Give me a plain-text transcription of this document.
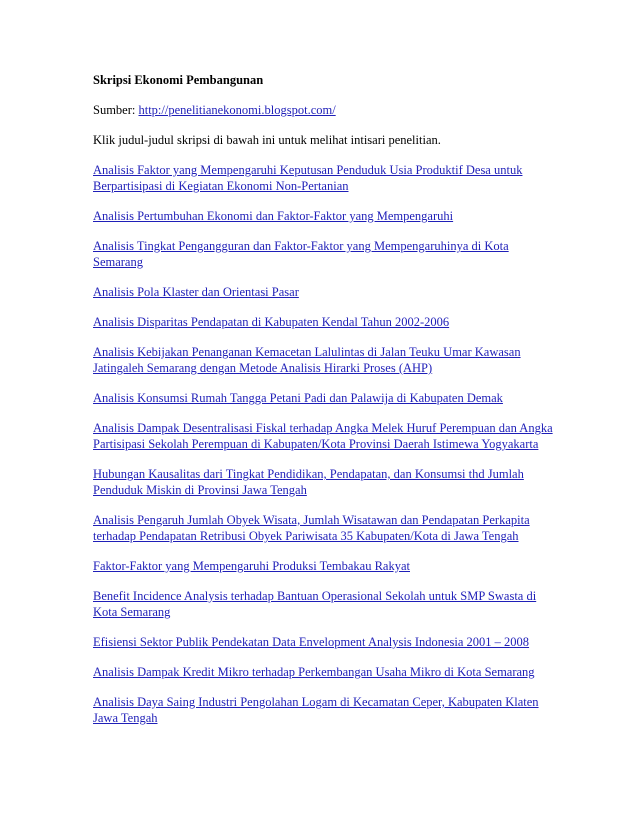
Skripsi Ekonomi Pembangunan

Sumber: http://penelitianekonomi.blogspot.com/

Klik judul-judul skripsi di bawah ini untuk melihat intisari penelitian.

Analisis Faktor yang Mempengaruhi Keputusan Penduduk Usia Produktif Desa untuk Berpartisipasi di Kegiatan Ekonomi Non-Pertanian
Analisis Pertumbuhan Ekonomi dan Faktor-Faktor yang Mempengaruhi
Analisis Tingkat Pengangguran dan Faktor-Faktor yang Mempengaruhinya di Kota Semarang
Analisis Pola Klaster dan Orientasi Pasar
Analisis Disparitas Pendapatan di Kabupaten Kendal Tahun 2002-2006
Analisis Kebijakan Penanganan Kemacetan Lalulintas di Jalan Teuku Umar Kawasan Jatingaleh Semarang dengan Metode Analisis Hirarki Proses (AHP)
Analisis Konsumsi Rumah Tangga Petani Padi dan Palawija di Kabupaten Demak
Analisis Dampak Desentralisasi Fiskal terhadap Angka Melek Huruf Perempuan dan Angka Partisipasi Sekolah Perempuan di Kabupaten/Kota Provinsi Daerah Istimewa Yogyakarta
Hubungan Kausalitas dari Tingkat Pendidikan, Pendapatan, dan Konsumsi thd Jumlah Penduduk Miskin di Provinsi Jawa Tengah
Analisis Pengaruh Jumlah Obyek Wisata, Jumlah Wisatawan dan Pendapatan Perkapita terhadap Pendapatan Retribusi Obyek Pariwisata 35 Kabupaten/Kota di Jawa Tengah
Faktor-Faktor yang Mempengaruhi Produksi Tembakau Rakyat
Benefit Incidence Analysis terhadap Bantuan Operasional Sekolah untuk SMP Swasta di Kota Semarang
Efisiensi Sektor Publik Pendekatan Data Envelopment Analysis Indonesia 2001 – 2008
Analisis Dampak Kredit Mikro terhadap Perkembangan Usaha Mikro di Kota Semarang
Analisis Daya Saing Industri Pengolahan Logam di Kecamatan Ceper, Kabupaten Klaten Jawa Tengah
